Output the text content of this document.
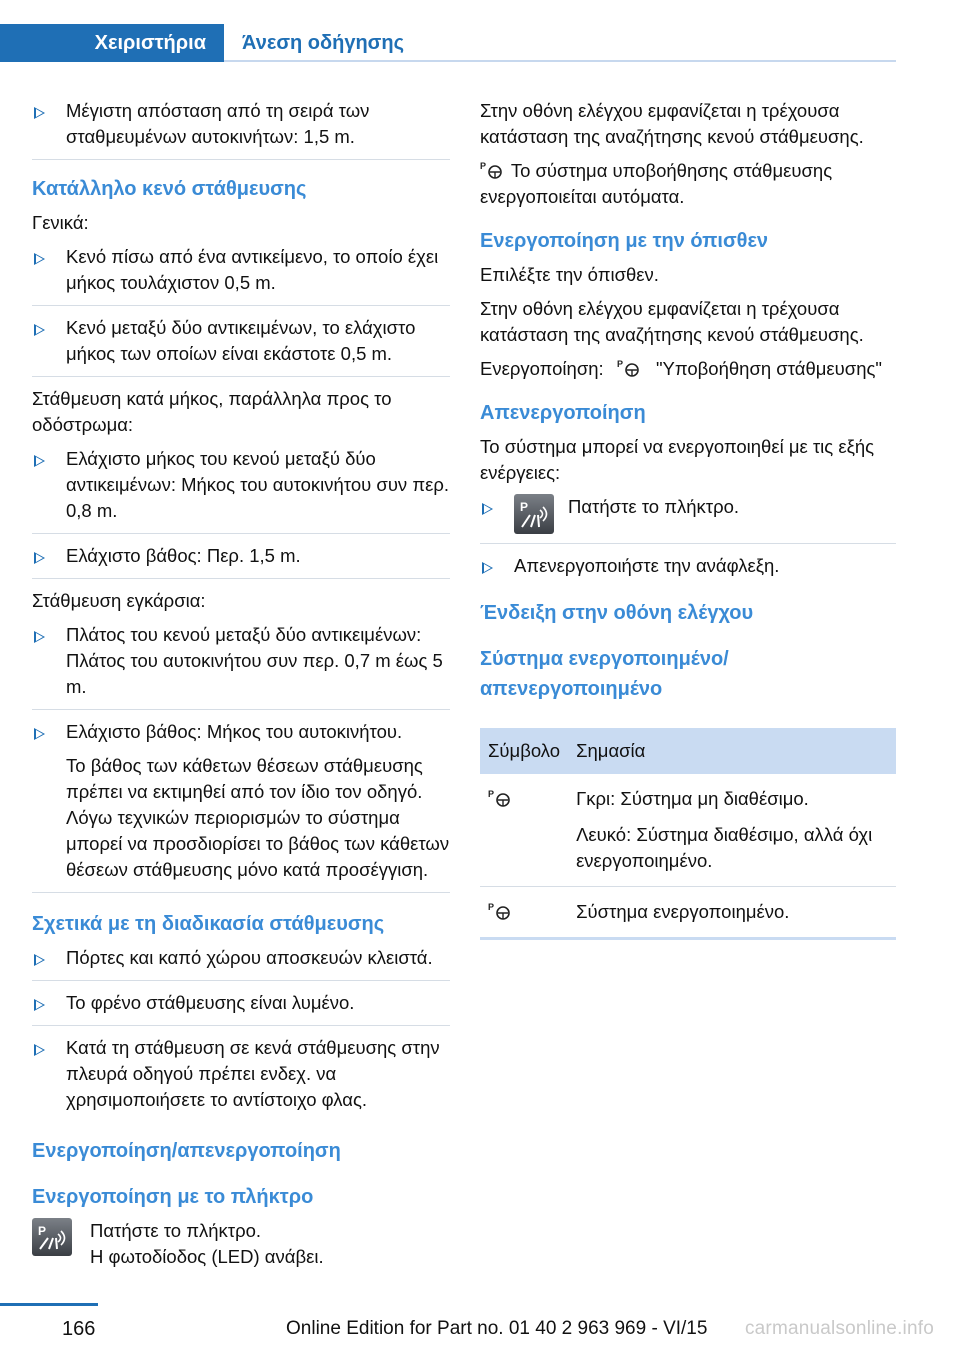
Χειριστήρια	Άνεση οδήγησης
Μέγιστη απόσταση από τη σειρά των σταθμευμένων αυτοκινήτων: 1,5 m.
Κατάλληλο κενό στάθμευσης

Γενικά:

Κενό πίσω από ένα αντικείμενο, το οποίο έχει μήκος τουλάχιστον 0,5 m.
Κενό μεταξύ δύο αντικειμένων, το ελάχιστο μήκος των οποίων είναι εκάστοτε 0,5 m.

Στάθμευση κατά μήκος, παράλληλα προς το οδόστρωμα:

Ελάχιστο μήκος του κενού μεταξύ δύο αντικειμένων: Μήκος του αυτοκινήτου συν περ. 0,8 m.
Ελάχιστο βάθος: Περ. 1,5 m.

Στάθμευση εγκάρσια:

Πλάτος του κενού μεταξύ δύο αντικειμένων: Πλάτος του αυτοκινήτου συν περ. 0,7 m έως 5 m.
Ελάχιστο βάθος: Μήκος του αυτοκινήτου.

Το βάθος των κάθετων θέσεων στάθμευσης πρέπει να εκτιμηθεί από τον ίδιο τον οδηγό. Λόγω τεχνικών περιορισμών το σύστημα μπορεί να προσδιορίσει το βάθος των κάθετων θέσεων στάθμευσης μόνο κατά προσέγγιση.

Σχετικά με τη διαδικασία στάθμευσης
Πόρτες και καπό χώρου αποσκευών κλειστά.
Το φρένο στάθμευσης είναι λυμένο.
Κατά τη στάθμευση σε κενά στάθμευσης στην πλευρά οδηγού πρέπει ενδεχ. να χρησιμοποιήσετε το αντίστοιχο φλας.
Ενεργοποίηση/απενεργοποίηση
Ενεργοποίηση με το πλήκτρο
P Πατήστε το πλήκτρο.

Η φωτοδίοδος (LED) ανάβει.

Στην οθόνη ελέγχου εμφανίζεται η τρέχουσα κατάσταση της αναζήτησης κενού στάθμευσης.

P Το σύστημα υποβοήθησης στάθμευσης ενεργοποιείται αυτόματα.

Ενεργοποίηση με την όπισθεν

Επιλέξτε την όπισθεν.

Στην οθόνη ελέγχου εμφανίζεται η τρέχουσα κατάσταση της αναζήτησης κενού στάθμευσης.

Ενεργοποίηση: P "Υποβοήθηση στάθμευσης"

Απενεργοποίηση

Το σύστημα μπορεί να ενεργοποιηθεί με τις εξής ενέργειες:

P Πατήστε το πλήκτρο.
Απενεργοποιήστε την ανάφλεξη.
Ένδειξη στην οθόνη ελέγχου
Σύστημα ενεργοποιημένο/απενεργοποιημένο
Σύμβολο	Σημασία

P	Γκρι: Σύστημα μη διαθέσιμο.

Λευκό: Σύστημα διαθέσιμο, αλλά όχι ενεργοποιημένο.

P	Σύστημα ενεργοποιημένο.
166	Online Edition for Part no. 01 40 2 963 969 - VI/15 carmanualsonline.info
